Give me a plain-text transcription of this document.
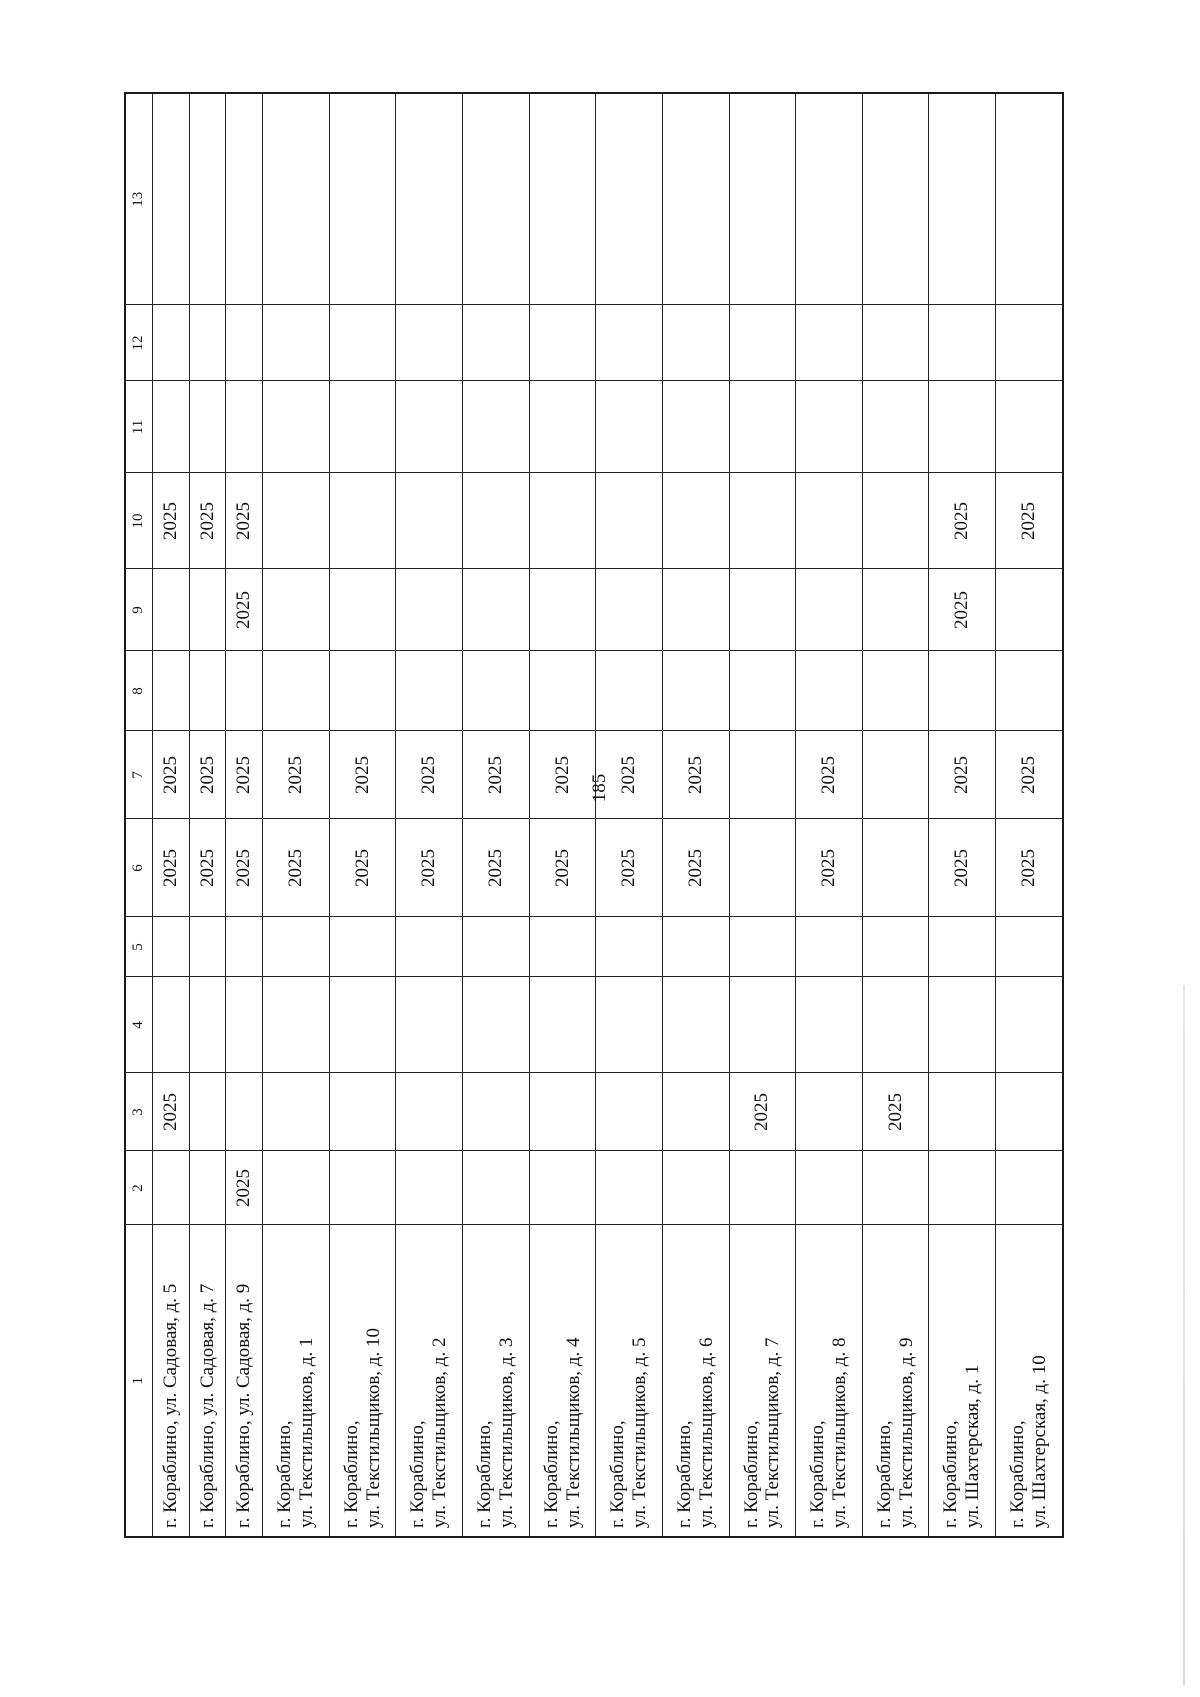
185
1	2	3	4	5	6	7	8	9	10	11	12	13

г. Кораблино, ул. Садовая, д. 5		2025			2025	2025			2025			

г. Кораблино, ул. Садовая, д. 7					2025	2025			2025			

г. Кораблино, ул. Садовая, д. 9	2025				2025	2025		2025	2025			

г. Кораблино, ул. Текстильщиков, д. 1					2025	2025						

г. Кораблино, ул. Текстильщиков, д. 10					2025	2025						

г. Кораблино, ул. Текстильщиков, д. 2					2025	2025						

г. Кораблино, ул. Текстильщиков, д. 3					2025	2025						

г. Кораблино, ул. Текстильщиков, д. 4					2025	2025						

г. Кораблино, ул. Текстильщиков, д. 5					2025	2025						

г. Кораблино, ул. Текстильщиков, д. 6					2025	2025						

г. Кораблино, ул. Текстильщиков, д. 7		2025										

г. Кораблино, ул. Текстильщиков, д. 8					2025	2025						

г. Кораблино, ул. Текстильщиков, д. 9		2025										

г. Кораблино, ул. Шахтерская, д. 1					2025	2025		2025	2025			

г. Кораблино, ул. Шахтерская, д. 10					2025	2025			2025			
